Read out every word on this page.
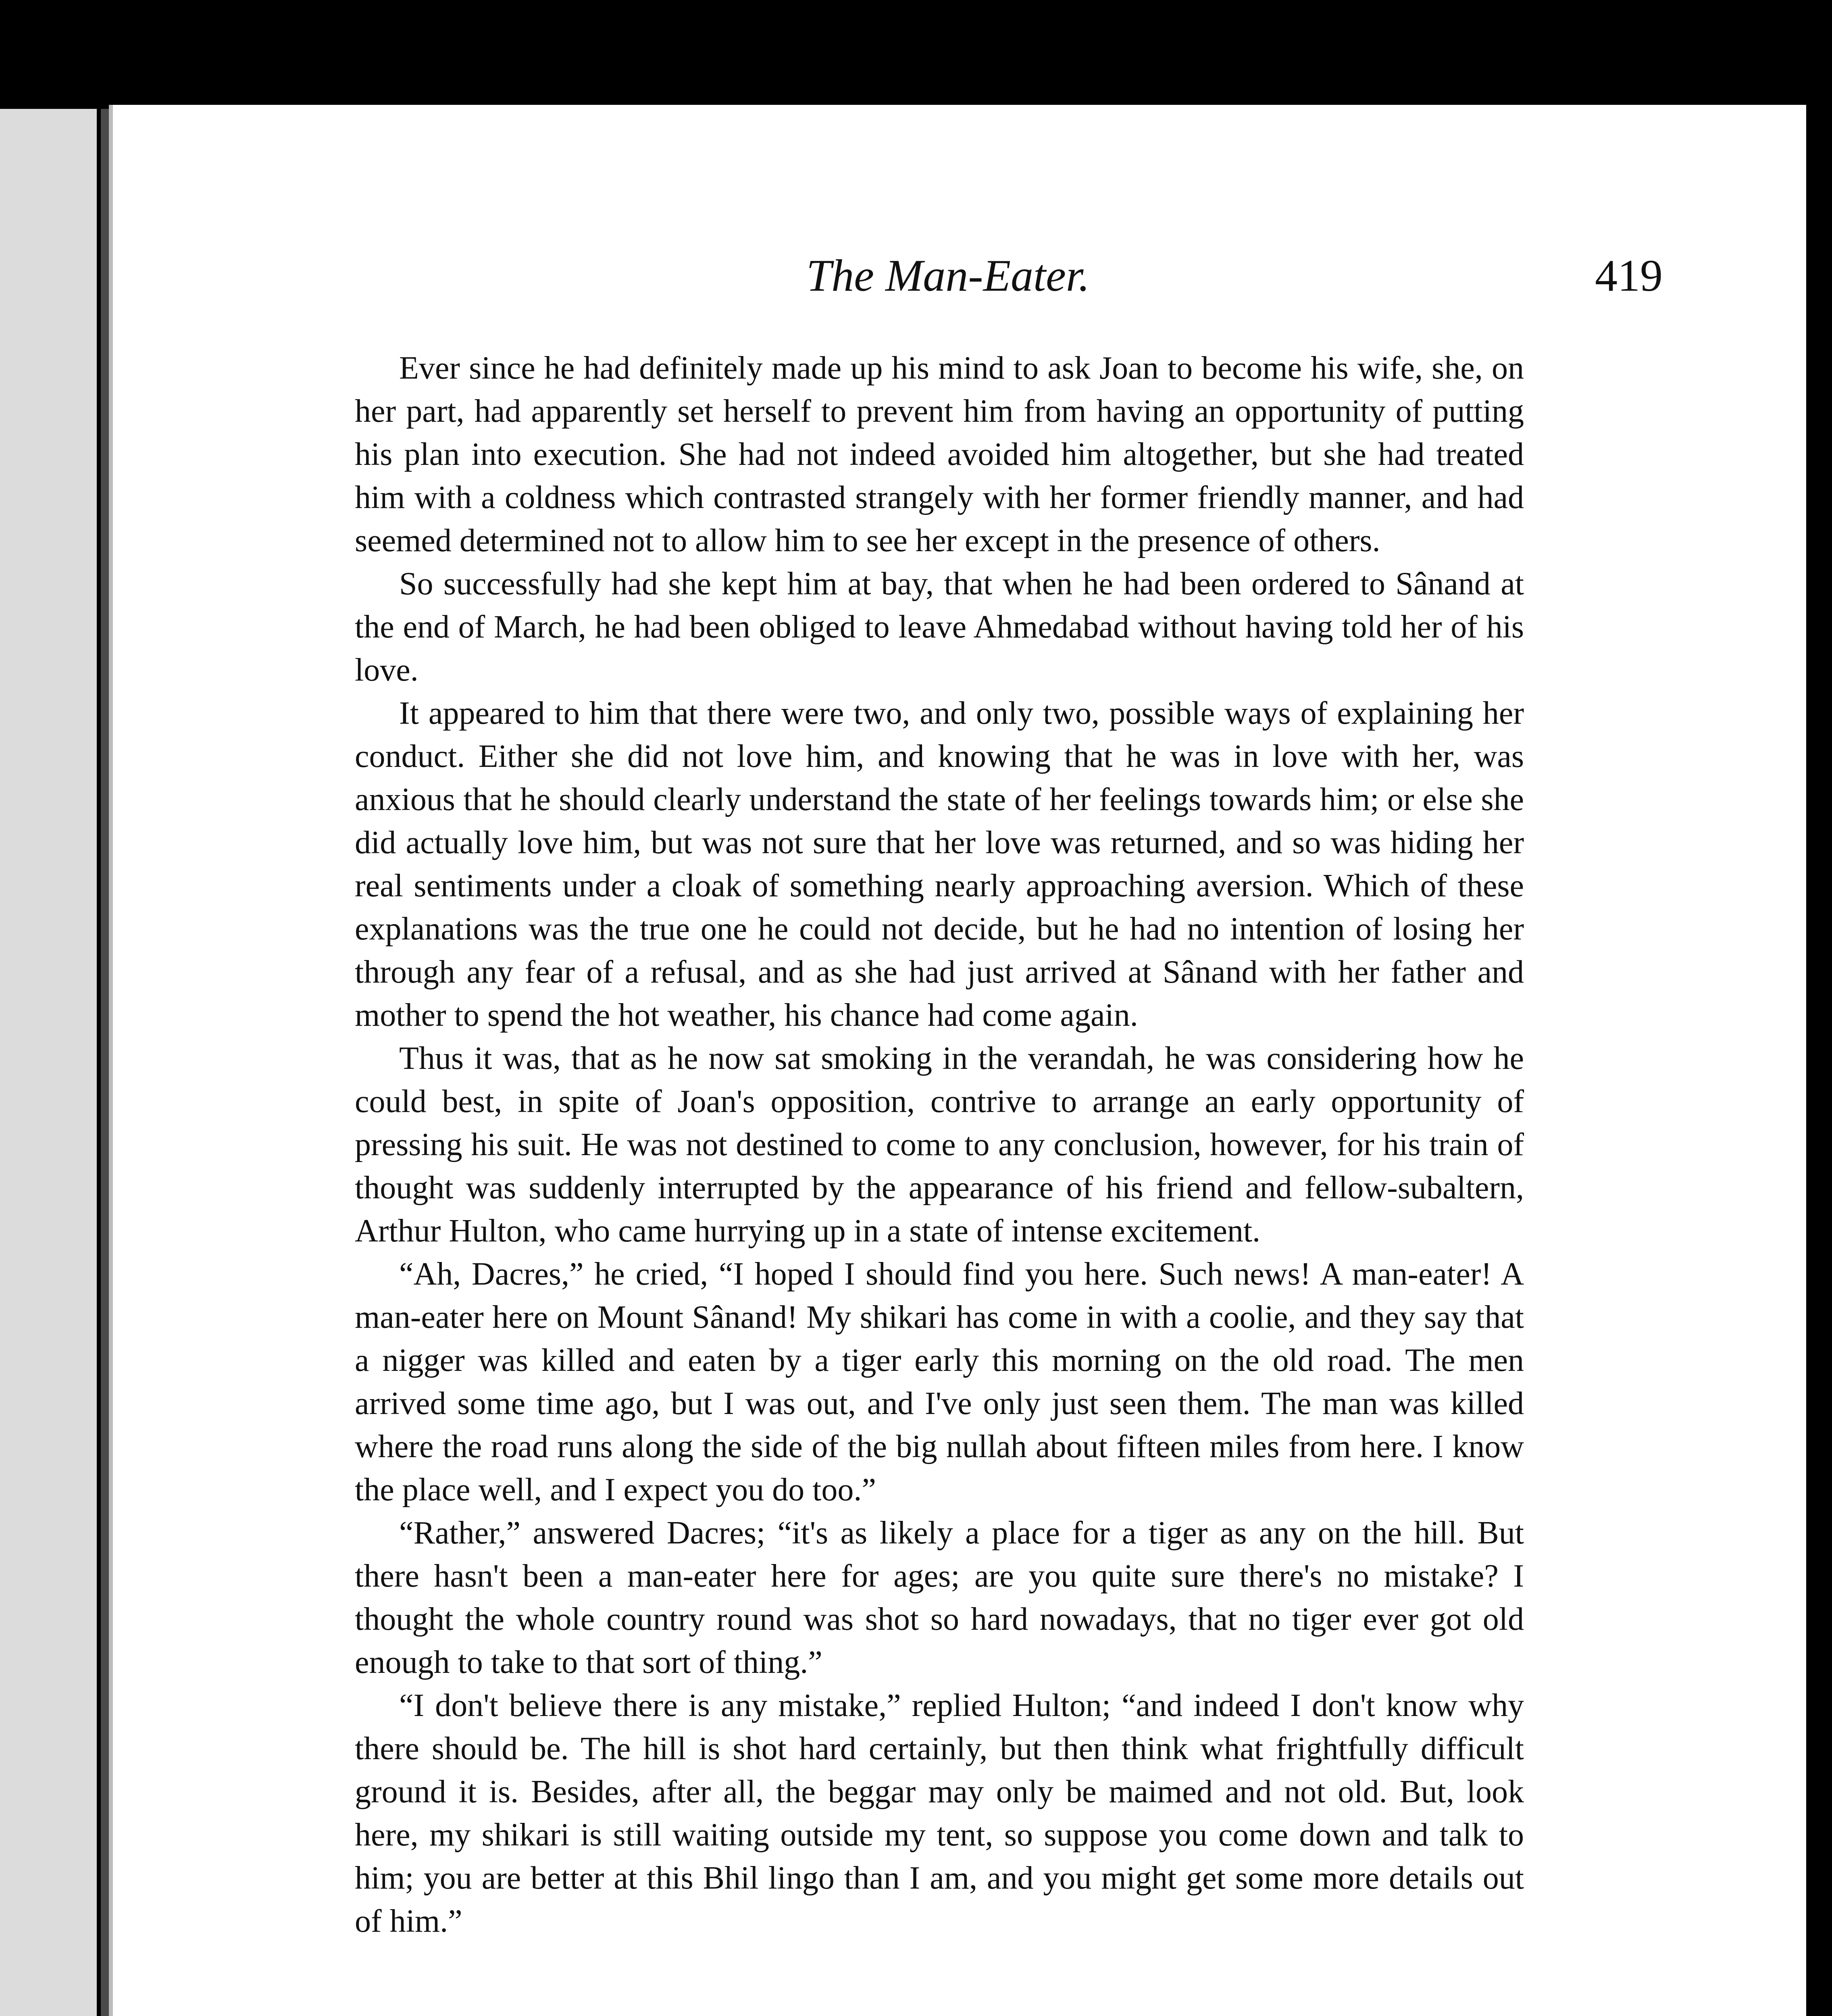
The Man-Eater.	419

Ever since he had definitely made up his mind to ask Joan to become his wife, she, on her part, had apparently set herself to prevent him from having an opportunity of putting his plan into execution. She had not indeed avoided him altogether, but she had treated him with a coldness which contrasted strangely with her former friendly manner, and had seemed determined not to allow him to see her except in the presence of others.

So successfully had she kept him at bay, that when he had been ordered to Sânand at the end of March, he had been obliged to leave Ahmedabad without having told her of his love.

It appeared to him that there were two, and only two, possible ways of explaining her conduct. Either she did not love him, and knowing that he was in love with her, was anxious that he should clearly understand the state of her feelings towards him; or else she did actually love him, but was not sure that her love was returned, and so was hiding her real sentiments under a cloak of something nearly approaching aversion. Which of these explanations was the true one he could not decide, but he had no intention of losing her through any fear of a refusal, and as she had just arrived at Sânand with her father and mother to spend the hot weather, his chance had come again.

Thus it was, that as he now sat smoking in the verandah, he was considering how he could best, in spite of Joan's opposition, contrive to arrange an early opportunity of pressing his suit. He was not destined to come to any conclusion, however, for his train of thought was suddenly interrupted by the appearance of his friend and fellow-subaltern, Arthur Hulton, who came hurrying up in a state of intense excitement.

“Ah, Dacres,” he cried, “I hoped I should find you here. Such news! A man-eater! A man-eater here on Mount Sânand! My shikari has come in with a coolie, and they say that a nigger was killed and eaten by a tiger early this morning on the old road. The men arrived some time ago, but I was out, and I've only just seen them. The man was killed where the road runs along the side of the big nullah about fifteen miles from here. I know the place well, and I expect you do too.”

“Rather,” answered Dacres; “it's as likely a place for a tiger as any on the hill. But there hasn't been a man-eater here for ages; are you quite sure there's no mistake? I thought the whole country round was shot so hard nowadays, that no tiger ever got old enough to take to that sort of thing.”

“I don't believe there is any mistake,” replied Hulton; “and indeed I don't know why there should be. The hill is shot hard certainly, but then think what frightfully difficult ground it is. Besides, after all, the beggar may only be maimed and not old. But, look here, my shikari is still waiting outside my tent, so suppose you come down and talk to him; you are better at this Bhil lingo than I am, and you might get some more details out of him.”
